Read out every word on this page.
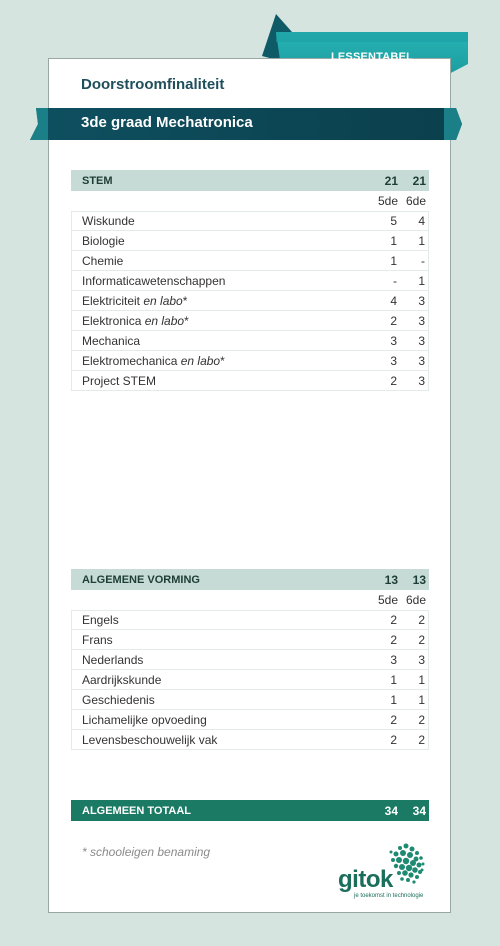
LESSENTABEL
Doorstroomfinaliteit
3de graad Mechatronica
STEM	21	21
5de 6de
Wiskunde	5	4
Biologie	1	1
Chemie	1	-
Informaticawetenschappen	-	1
Elektriciteit en labo*	4	3
Elektronica en labo*	2	3
Mechanica	3	3
Elektromechanica en labo*	3	3
Project STEM	2	3
ALGEMENE VORMING	13	13
5de 6de
Engels	2	2
Frans	2	2
Nederlands	3	3
Aardrijkskunde	1	1
Geschiedenis	1	1
Lichamelijke opvoeding	2	2
Levensbeschouwelijk vak	2	2
ALGEMEEN TOTAAL	34	34
* schooleigen benaming
gitok
je toekomst in technologie
